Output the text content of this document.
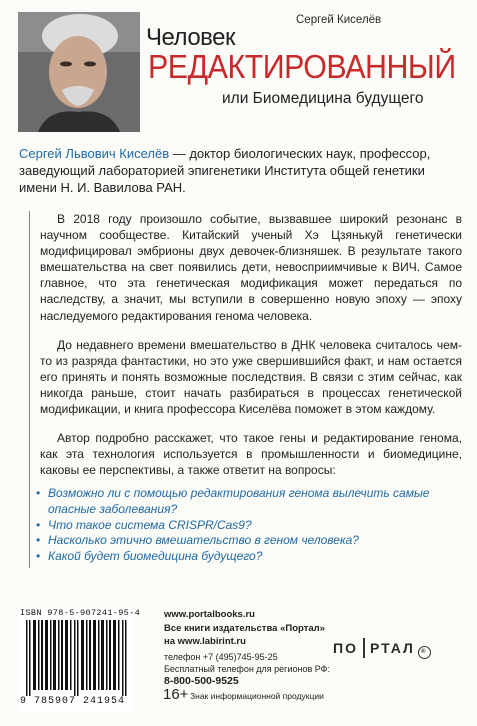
Сергей Киселёв
Человек
РЕДАКТИРОВАННЫЙ
или Биомедицина будущего
Сергей Львович Киселёв — доктор биологических наук, профессор, заведующий лабораторией эпигенетики Института общей генетики имени Н. И. Вавилова РАН.

В 2018 году произошло событие, вызвавшее широкий резонанс в научном сообществе. Китайский ученый Хэ Цзянькуй генетически модифицировал эмбрионы двух девочек-близняшек. В результате такого вмешательства на свет появились дети, невосприимчивые к ВИЧ. Самое главное, что эта генетическая модификация может передаться по наследству, а значит, мы вступили в совершенно новую эпоху — эпоху наследуемого редактирования генома человека.

До недавнего времени вмешательство в ДНК человека считалось чем-то из разряда фантастики, но это уже свершившийся факт, и нам остается его принять и понять возможные последствия. В связи с этим сейчас, как никогда раньше, стоит начать разбираться в процессах генетической модификации, и книга профессора Киселёва поможет в этом каждому.

Автор подробно расскажет, что такое гены и редактирование генома, как эта технология используется в промышленности и биомедицине, каковы ее перспективы, а также ответит на вопросы:

• Возможно ли с помощью редактирования генома вылечить самые опасные заболевания?
• Что такое система CRISPR/Cas9?
• Насколько этично вмешательство в геном человека?
• Какой будет биомедицина будущего?
ISBN 978-5-907241-95-4
9 785907 241954
www.portalbooks.ru
Все книги издательства «Портал»
на www.labirint.ru
телефон +7 (495)745-95-25
Бесплатный телефон для регионов РФ:
8-800-500-9525
16+ Знак информационной продукции
ПО РТАЛ ®
